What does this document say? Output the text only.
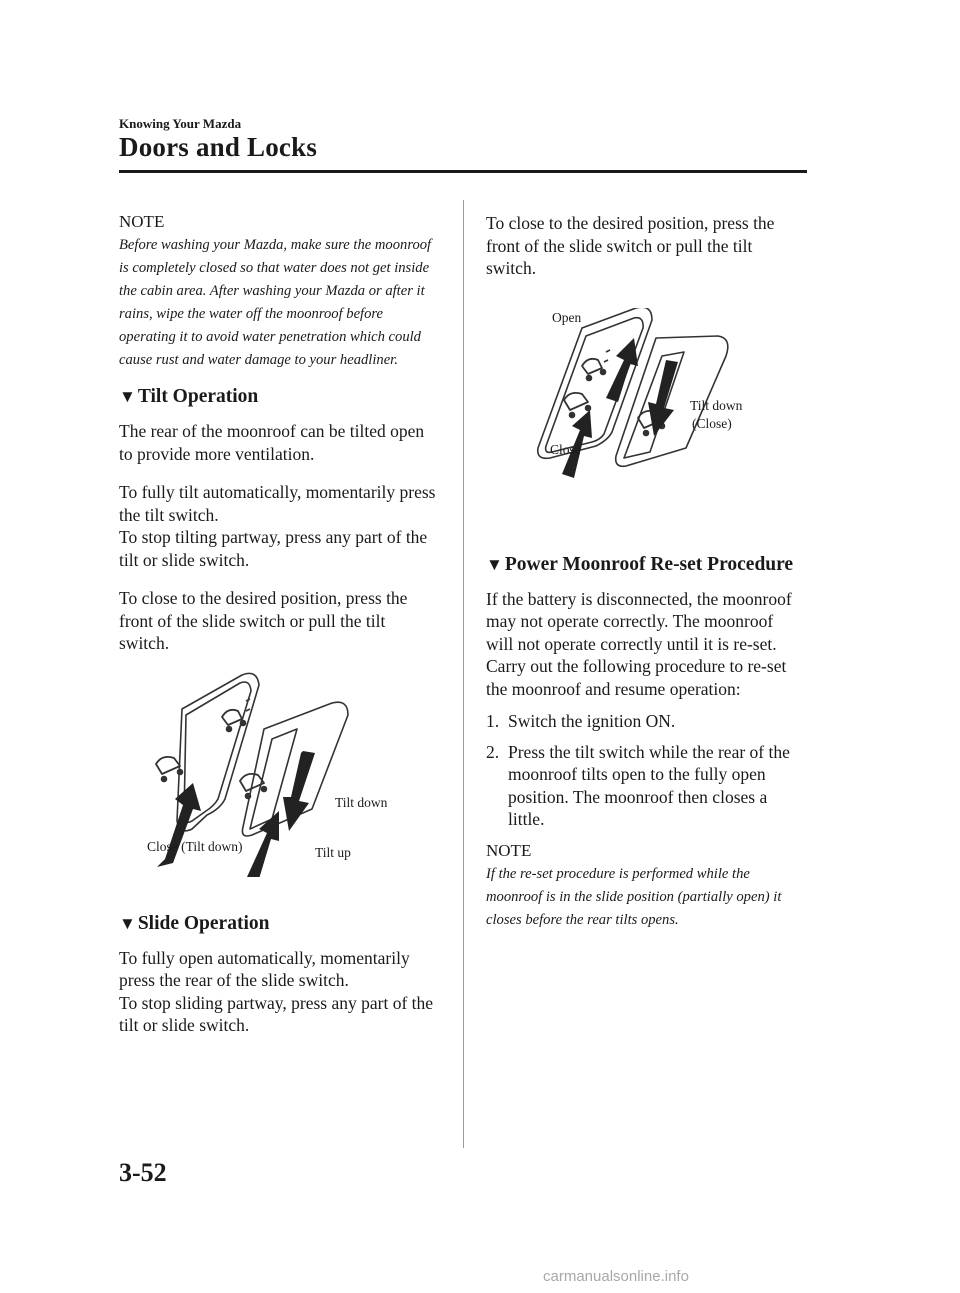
Knowing Your Mazda
Doors and Locks

NOTE

Before washing your Mazda, make sure the moonroof is completely closed so that water does not get inside the cabin area. After washing your Mazda or after it rains, wipe the water off the moonroof before operating it to avoid water penetration which could cause rust and water damage to your headliner.

▼ Tilt Operation

The rear of the moonroof can be tilted open to provide more ventilation.

To fully tilt automatically, momentarily press the tilt switch.
To stop tilting partway, press any part of the tilt or slide switch.

To close to the desired position, press the front of the slide switch or pull the tilt switch.

Tilt down
Close (Tilt down)	Tilt up
▼ Slide Operation

To fully open automatically, momentarily press the rear of the slide switch.
To stop sliding partway, press any part of the tilt or slide switch.

To close to the desired position, press the front of the slide switch or pull the tilt switch.

Open
Close
Tilt down
(Close)
▼ Power Moonroof Re-set Procedure

If the battery is disconnected, the moonroof may not operate correctly. The moonroof will not operate correctly until it is re-set. Carry out the following procedure to re-set the moonroof and resume operation:

1. Switch the ignition ON.
2. Press the tilt switch while the rear of the moonroof tilts open to the fully open position. The moonroof then closes a little.

NOTE

If the re-set procedure is performed while the moonroof is in the slide position (partially open) it closes before the rear tilts opens.

3-52
carmanualsonline.info
